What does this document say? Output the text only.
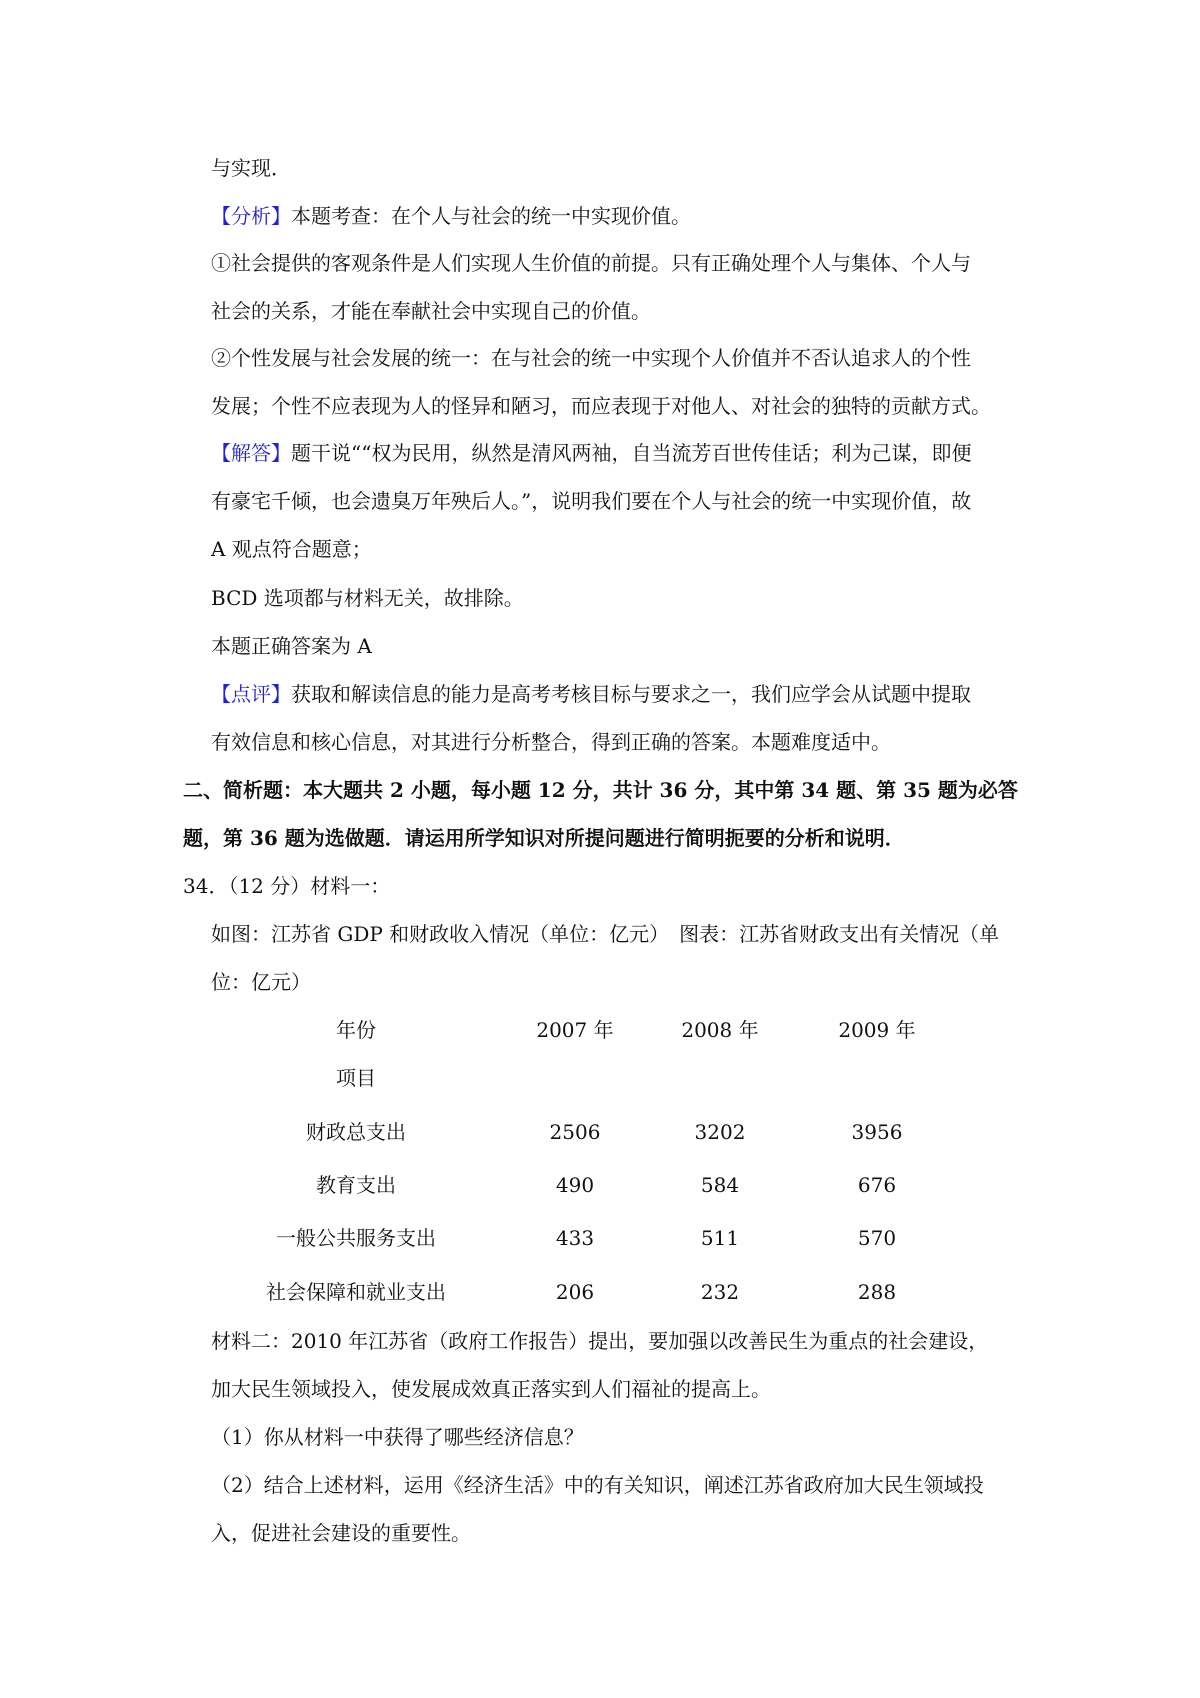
与实现．
【分析】本题考查：在个人与社会的统一中实现价值。
①社会提供的客观条件是人们实现人生价值的前提。只有正确处理个人与集体、个人与
社会的关系，才能在奉献社会中实现自己的价值。
②个性发展与社会发展的统一：在与社会的统一中实现个人价值并不否认追求人的个性
发展；个性不应表现为人的怪异和陋习，而应表现于对他人、对社会的独特的贡献方式。
【解答】题干说““权为民用，纵然是清风两袖，自当流芳百世传佳话；利为己谋，即便
有豪宅千倾，也会遗臭万年殃后人。”，说明我们要在个人与社会的统一中实现价值，故
A 观点符合题意；
BCD 选项都与材料无关，故排除。
本题正确答案为 A
【点评】获取和解读信息的能力是高考考核目标与要求之一，我们应学会从试题中提取
有效信息和核心信息，对其进行分析整合，得到正确的答案。本题难度适中。
二、简析题：本大题共 2 小题，每小题 12 分，共计 36 分，其中第 34 题、第 35 题为必答
题，第 36 题为选做题．请运用所学知识对所提问题进行简明扼要的分析和说明．
34．（12 分）材料一：
如图：江苏省 GDP 和财政收入情况（单位：亿元）　图表：江苏省财政支出有关情况（单
位：亿元）
年份
项目
2007 年	2008 年	2009 年
财政总支出	2506	3202	3956
教育支出	490	584	676
一般公共服务支出	433	511	570
社会保障和就业支出	206	232	288
材料二：2010 年江苏省（政府工作报告）提出，要加强以改善民生为重点的社会建设，
加大民生领域投入，使发展成效真正落实到人们福祉的提高上。
（1）你从材料一中获得了哪些经济信息？
（2）结合上述材料，运用《经济生活》中的有关知识，阐述江苏省政府加大民生领域投
入，促进社会建设的重要性。
